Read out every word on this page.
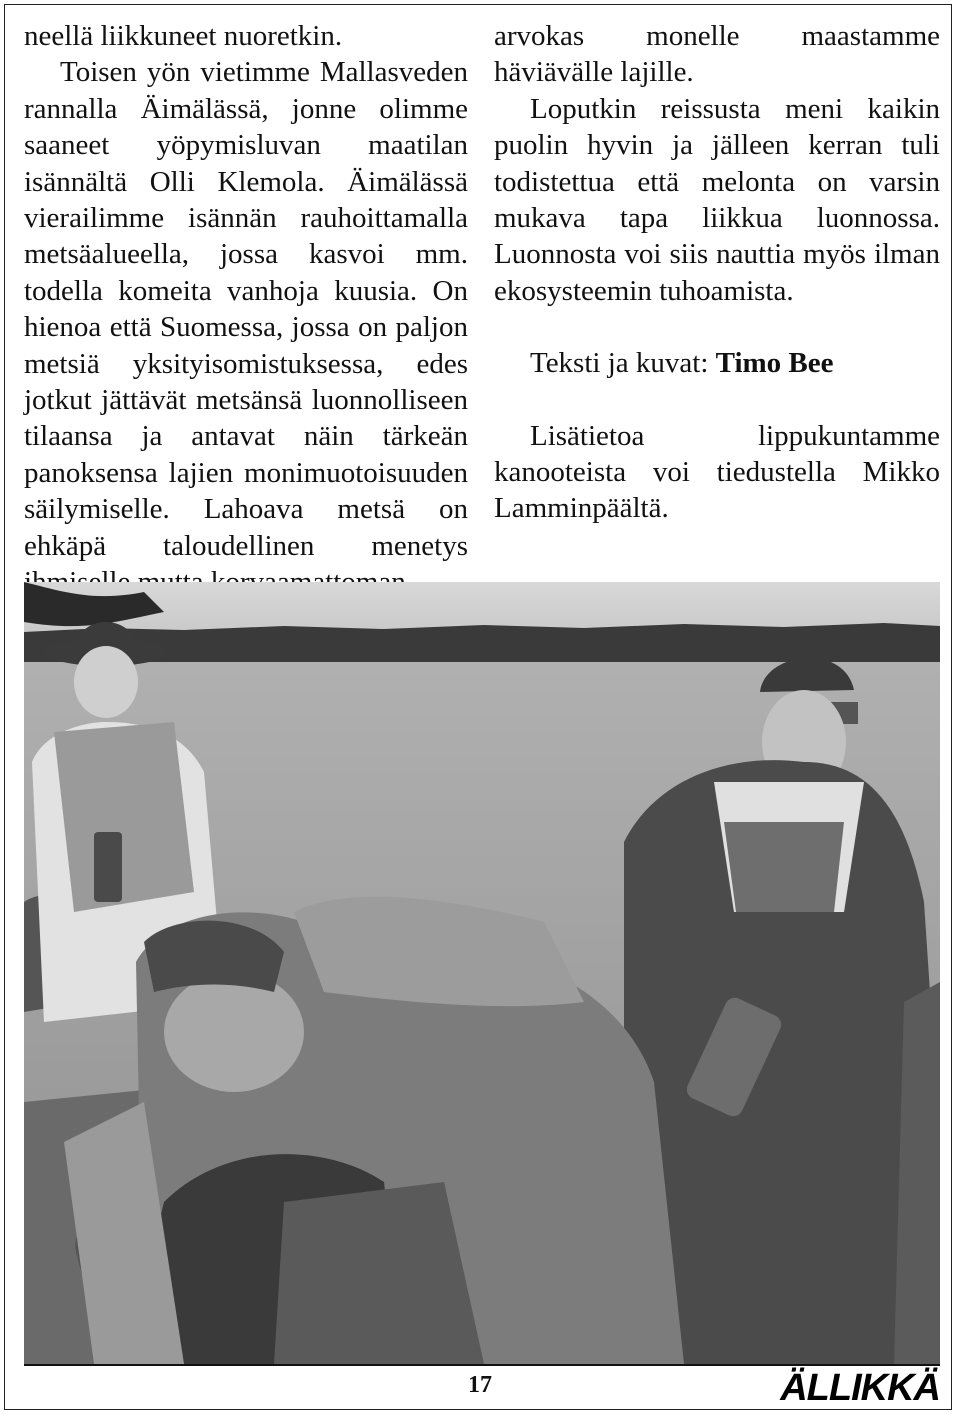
neellä liikkuneet nuoretkin.

Toisen yön vietimme Mallasveden rannalla Äimälässä, jonne olimme saaneet yöpymisluvan maatilan isännältä Olli Klemola. Äimälässä vierailimme isännän rauhoittamalla metsäalueella, jossa kasvoi mm. todella komeita vanhoja kuusia. On hienoa että Suomessa, jossa on paljon metsiä yksityisomistuksessa, edes jotkut jättävät metsänsä luonnolliseen tilaansa ja antavat näin tärkeän panoksensa lajien monimuotoisuuden säilymiselle. Lahoava metsä on ehkäpä taloudellinen menetys

arvokas monelle maastamme häviävälle lajille.

Loputkin reissusta meni kaikin puolin hyvin ja jälleen kerran tuli todistettua että melonta on varsin mukava tapa liikkua luonnossa. Luonnosta voi siis nauttia myös ilman ekosysteemin tuhoamista.

Teksti ja kuvat: Timo Bee

Lisätietoa lippukuntamme kanooteista voi tiedustella Mikko Lamminpäältä.

17	ÄLLIKKÄ
